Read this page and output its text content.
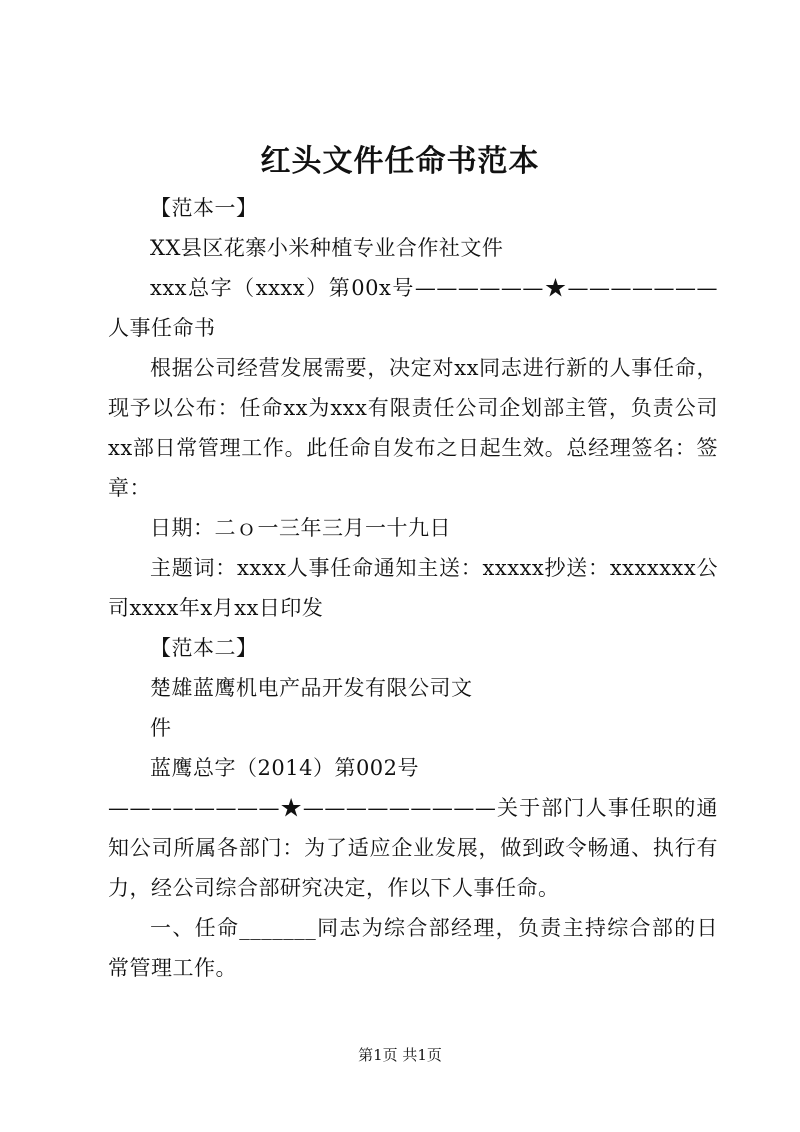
红头文件任命书范本

【范本一】

XX县区花寨小米种植专业合作社文件

xxx总字（xxxx）第00x号——————★———————人事任命书

根据公司经营发展需要，决定对xx同志进行新的人事任命，现予以公布：任命xx为xxx有限责任公司企划部主管，负责公司xx部日常管理工作。此任命自发布之日起生效。总经理签名：签章：

日期：二ｏ一三年三月一十九日

主题词：xxxx人事任命通知主送：xxxxx抄送：xxxxxxx公司xxxx年x月xx日印发

【范本二】

楚雄蓝鹰机电产品开发有限公司文

件

蓝鹰总字（2014）第002号

————————★—————————关于部门人事任职的通知公司所属各部门：为了适应企业发展，做到政令畅通、执行有力，经公司综合部研究决定，作以下人事任命。

一、任命_______同志为综合部经理，负责主持综合部的日常管理工作。

第1页 共1页
